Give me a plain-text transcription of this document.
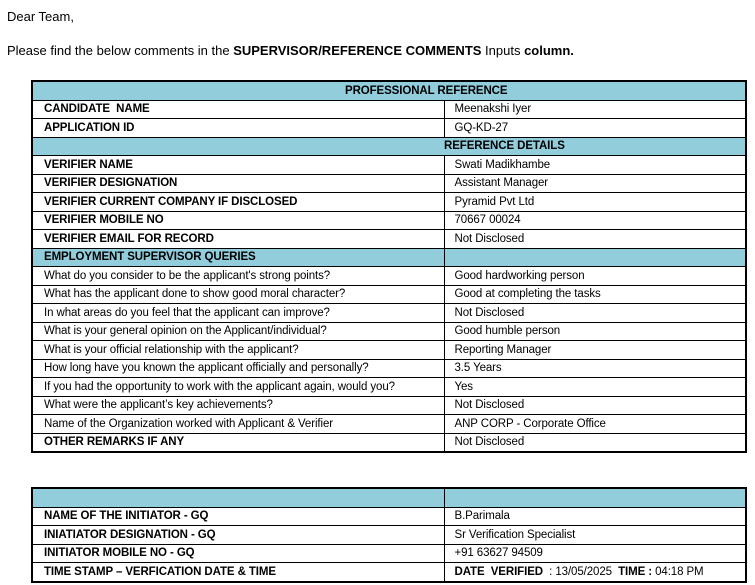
Dear Team,
Please find the below comments in the SUPERVISOR/REFERENCE COMMENTS Inputs column.
PROFESSIONAL REFERENCE	
CANDIDATE  NAME	Meenakshi Iyer
APPLICATION ID	GQ-KD-27
REFERENCE DETAILS	
VERIFIER NAME	Swati Madikhambe
VERIFIER DESIGNATION	Assistant Manager
VERIFIER CURRENT COMPANY IF DISCLOSED	Pyramid Pvt Ltd
VERIFIER MOBILE NO	70667 00024
VERIFIER EMAIL FOR RECORD	Not Disclosed
EMPLOYMENT SUPERVISOR QUERIES	
What do you consider to be the applicant's strong points?	Good hardworking person
What has the applicant done to show good moral character?	Good at completing the tasks
In what areas do you feel that the applicant can improve?	Not Disclosed
What is your general opinion on the Applicant/individual?	Good humble person
What is your official relationship with the applicant?	Reporting Manager
How long have you known the applicant officially and personally?	3.5 Years
If you had the opportunity to work with the applicant again, would you?	Yes
What were the applicant’s key achievements?	Not Disclosed
Name of the Organization worked with Applicant & Verifier	ANP CORP - Corporate Office
OTHER REMARKS IF ANY	Not Disclosed

NAME OF THE INITIATOR - GQ	B.Parimala
INIATIATOR DESIGNATION - GQ	Sr Verification Specialist
INITIATOR MOBILE NO - GQ	+91 63627 94509
TIME STAMP – VERFICATION DATE & TIME	DATE  VERIFIED  : 13/05/2025  TIME : 04:18 PM
